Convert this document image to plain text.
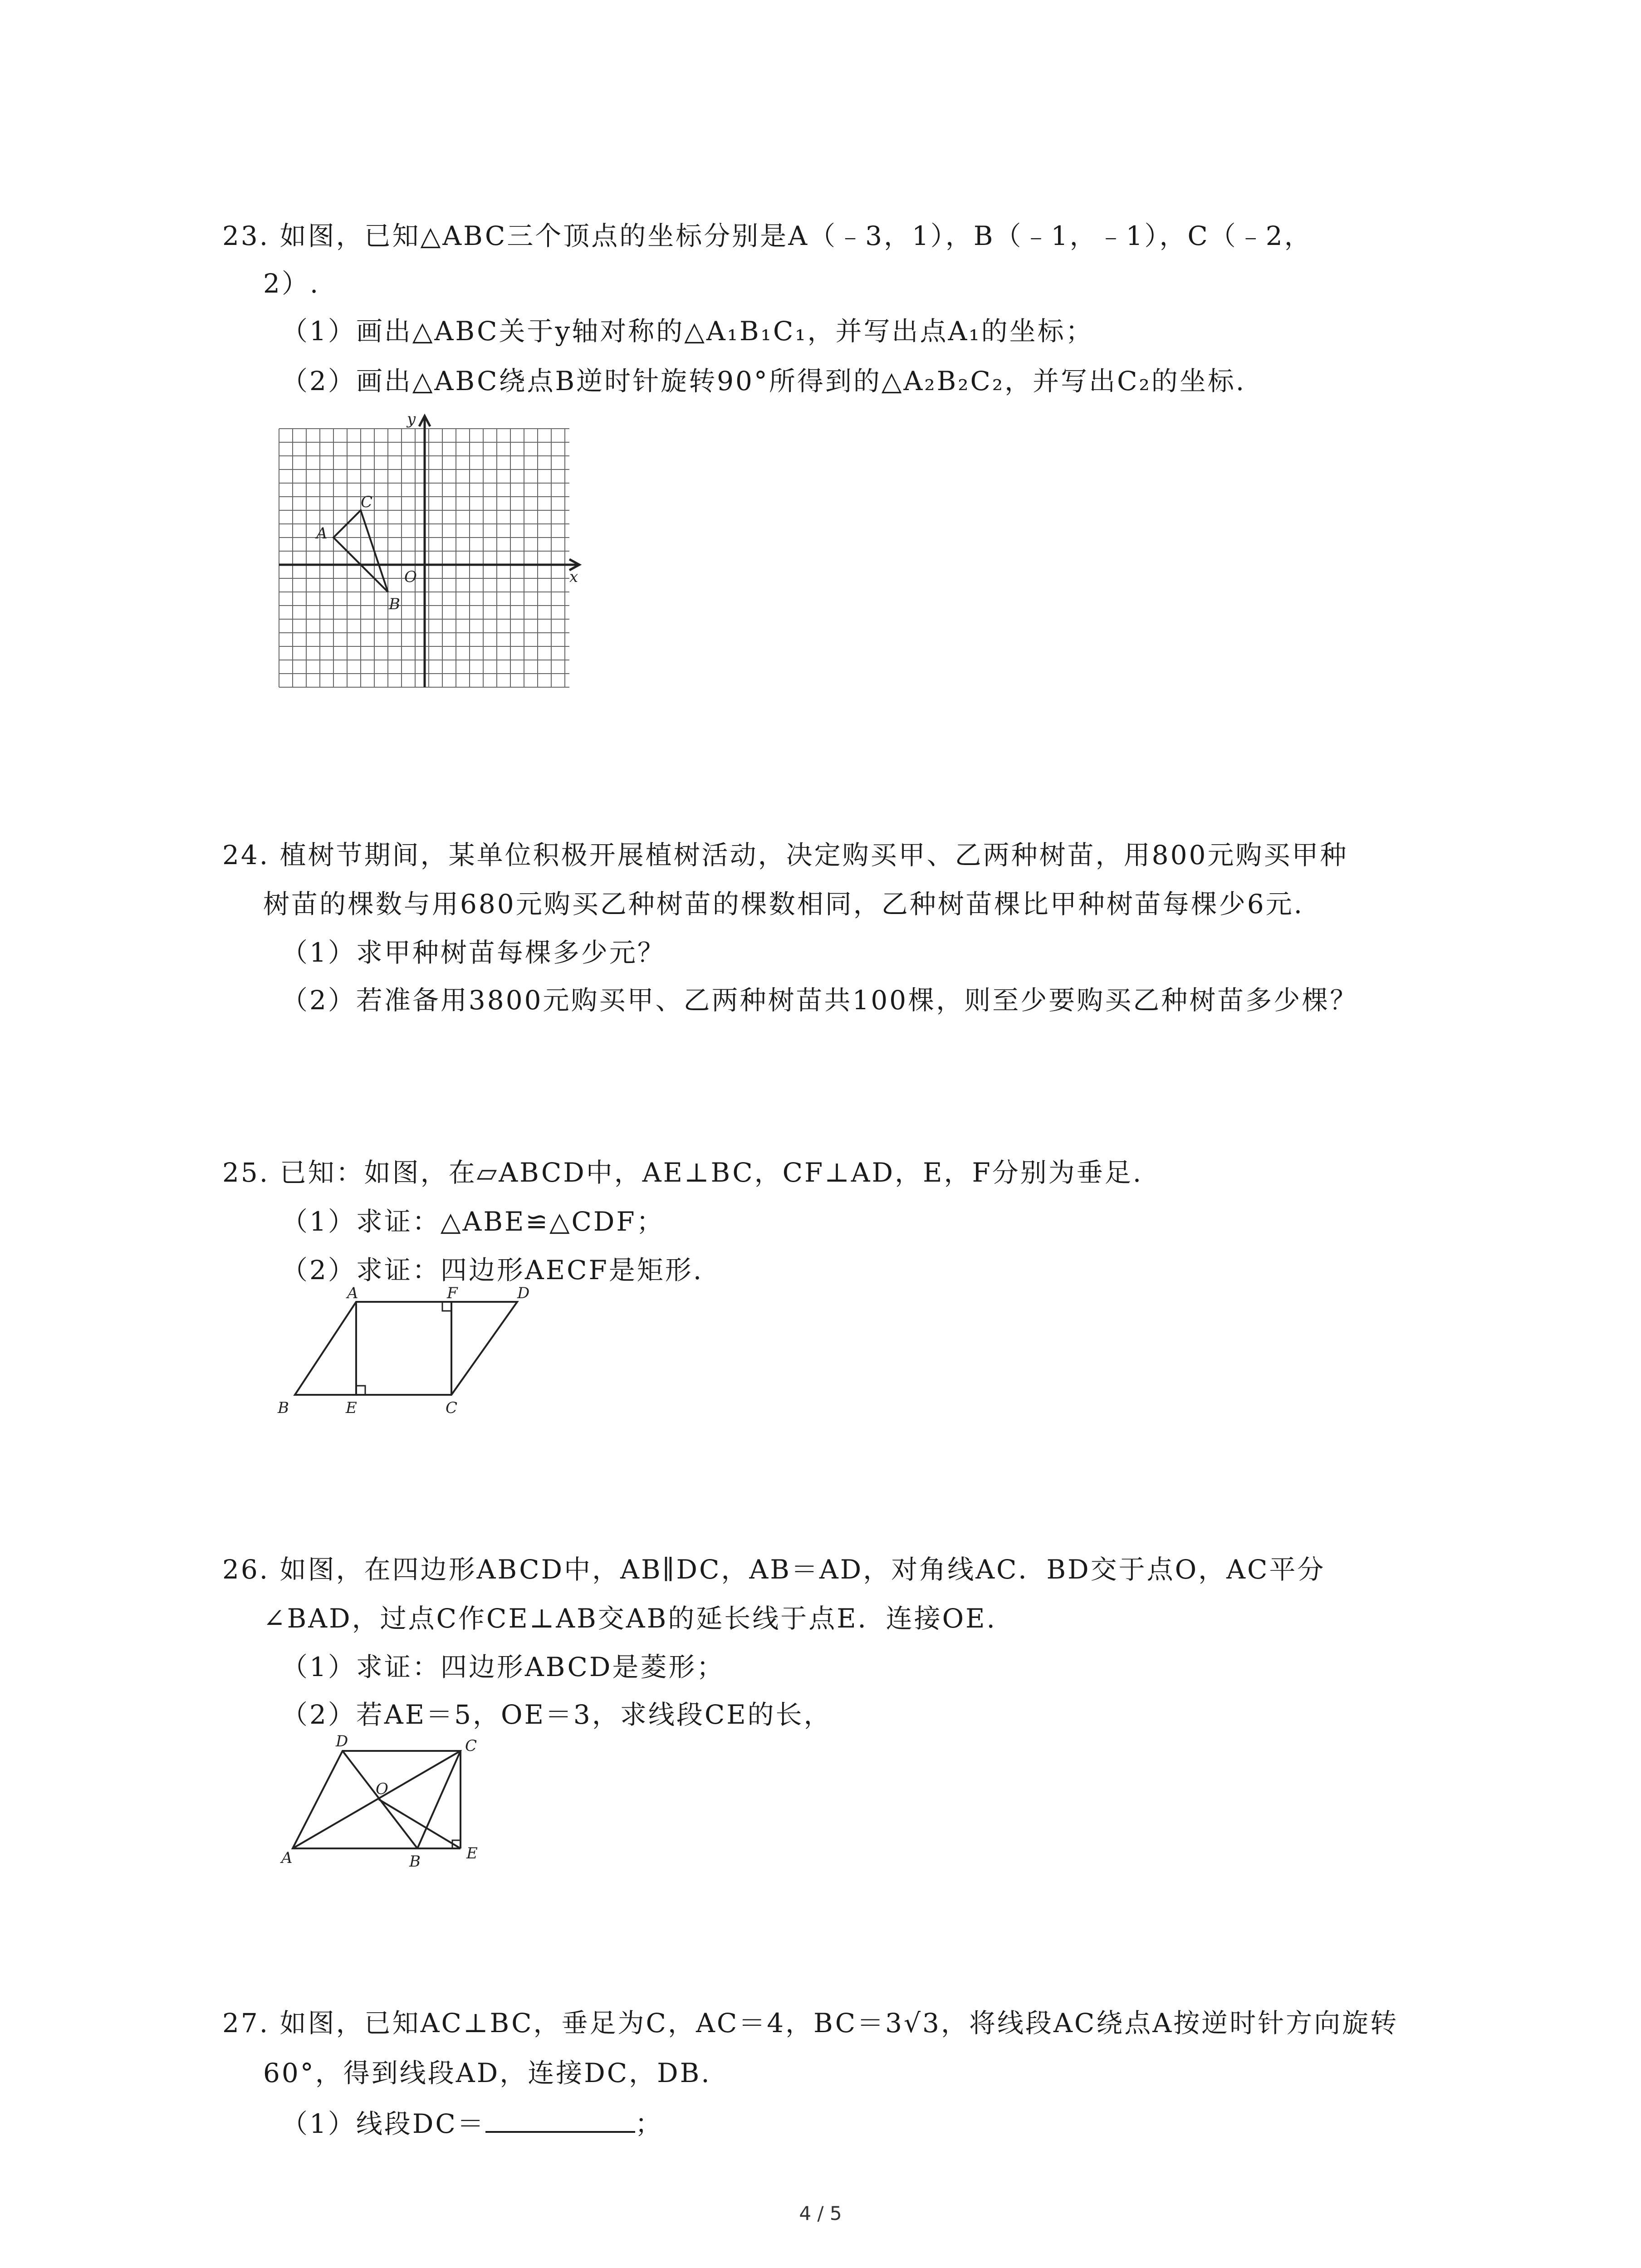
23. 如图，已知△ABC三个顶点的坐标分别是A（﹣3，1），B（﹣1，﹣1），C（﹣2，
2）.
（1）画出△ABC关于y轴对称的△A₁B₁C₁，并写出点A₁的坐标；
（2）画出△ABC绕点B逆时针旋转90°所得到的△A₂B₂C₂，并写出C₂的坐标.
A
C
B
O	x
y
24. 植树节期间，某单位积极开展植树活动，决定购买甲、乙两种树苗，用800元购买甲种
树苗的棵数与用680元购买乙种树苗的棵数相同，乙种树苗棵比甲种树苗每棵少6元.
（1）求甲种树苗每棵多少元？
（2）若准备用3800元购买甲、乙两种树苗共100棵，则至少要购买乙种树苗多少棵？
25. 已知：如图，在▱ABCD中，AE⊥BC，CF⊥AD，E，F分别为垂足.
（1）求证：△ABE≌△CDF；
（2）求证：四边形AECF是矩形.
A	F	D
B	E	C
26. 如图，在四边形ABCD中，AB∥DC，AB＝AD，对角线AC．BD交于点O，AC平分
∠BAD，过点C作CE⊥AB交AB的延长线于点E．连接OE.
（1）求证：四边形ABCD是菱形；
（2）若AE＝5，OE＝3，求线段CE的长，
D	C
O
A	B	E
27. 如图，已知AC⊥BC，垂足为C，AC＝4，BC＝3√3，将线段AC绕点A按逆时针方向旋转
60°，得到线段AD，连接DC，DB.
（1）线段DC＝	；
4 / 5
